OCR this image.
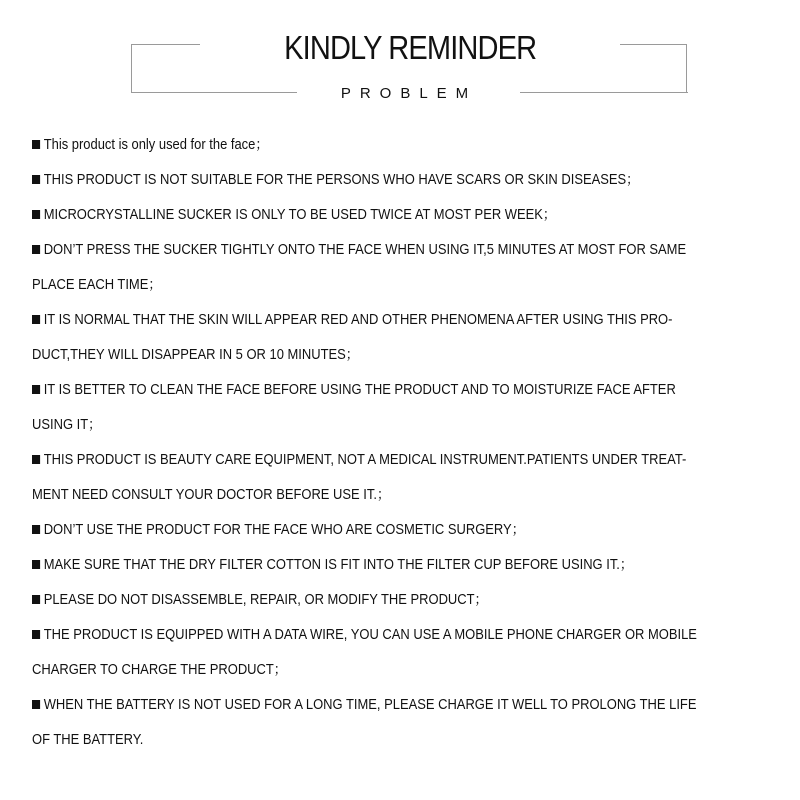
KINDLY REMINDER
PROBLEM
This product is only used for the face；
THIS PRODUCT IS NOT SUITABLE FOR THE PERSONS WHO HAVE SCARS OR SKIN DISEASES；
MICROCRYSTALLINE SUCKER IS ONLY TO BE USED TWICE AT MOST PER WEEK；
DON’T PRESS THE SUCKER TIGHTLY ONTO THE FACE WHEN USING IT,5 MINUTES AT MOST FOR SAME
PLACE EACH TIME；
IT IS NORMAL THAT THE SKIN WILL APPEAR RED AND OTHER PHENOMENA AFTER USING THIS PRO-
DUCT,THEY WILL DISAPPEAR IN 5 OR 10 MINUTES；
IT IS BETTER TO CLEAN THE FACE BEFORE USING THE PRODUCT AND TO MOISTURIZE FACE AFTER
USING IT；
THIS PRODUCT IS BEAUTY CARE EQUIPMENT, NOT A MEDICAL INSTRUMENT.PATIENTS UNDER TREAT-
MENT NEED CONSULT YOUR DOCTOR BEFORE USE IT.；
DON’T USE THE PRODUCT FOR THE FACE WHO ARE COSMETIC SURGERY；
MAKE SURE THAT THE DRY FILTER COTTON IS FIT INTO THE FILTER CUP BEFORE USING IT.；
PLEASE DO NOT DISASSEMBLE, REPAIR, OR MODIFY THE PRODUCT；
THE PRODUCT IS EQUIPPED WITH A DATA WIRE, YOU CAN USE A MOBILE PHONE CHARGER OR MOBILE
CHARGER TO CHARGE THE PRODUCT；
WHEN THE BATTERY IS NOT USED FOR A LONG TIME, PLEASE CHARGE IT WELL TO PROLONG THE LIFE
OF THE BATTERY.
